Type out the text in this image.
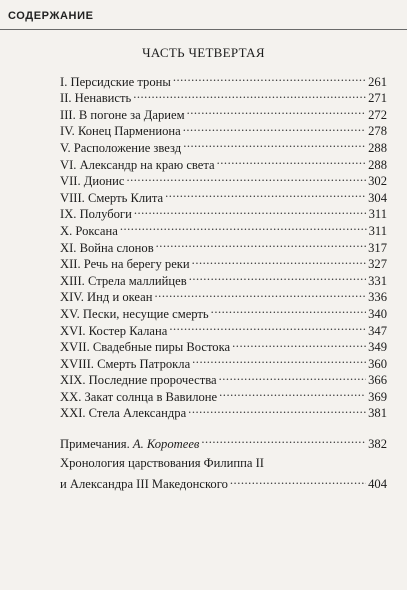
СОДЕРЖАНИЕ
ЧАСТЬ ЧЕТВЕРТАЯ
I. Персидские троны .....	261
II. Ненависть .....	271
III. В погоне за Дарием .....	272
IV. Конец Пармениона .....	278
V. Расположение звезд .....	288
VI. Александр на краю света .....	288
VII. Дионис .....	302
VIII. Смерть Клита .....	304
IX. Полубоги .....	311
X. Роксана .....	311
XI. Война слонов .....	317
XII. Речь на берегу реки .....	327
XIII. Стрела маллийцев .....	331
XIV. Инд и океан .....	336
XV. Пески, несущие смерть .....	340
XVI. Костер Калана .....	347
XVII. Свадебные пиры Востока .....	349
XVIII. Смерть Патрокла .....	360
XIX. Последние пророчества .....	366
XX. Закат солнца в Вавилоне .....	369
XXI. Стела Александра .....	381
Примечания. А. Коротеев .....	382
Хронология царствования Филиппа II
и Александра III Македонского .....	404
